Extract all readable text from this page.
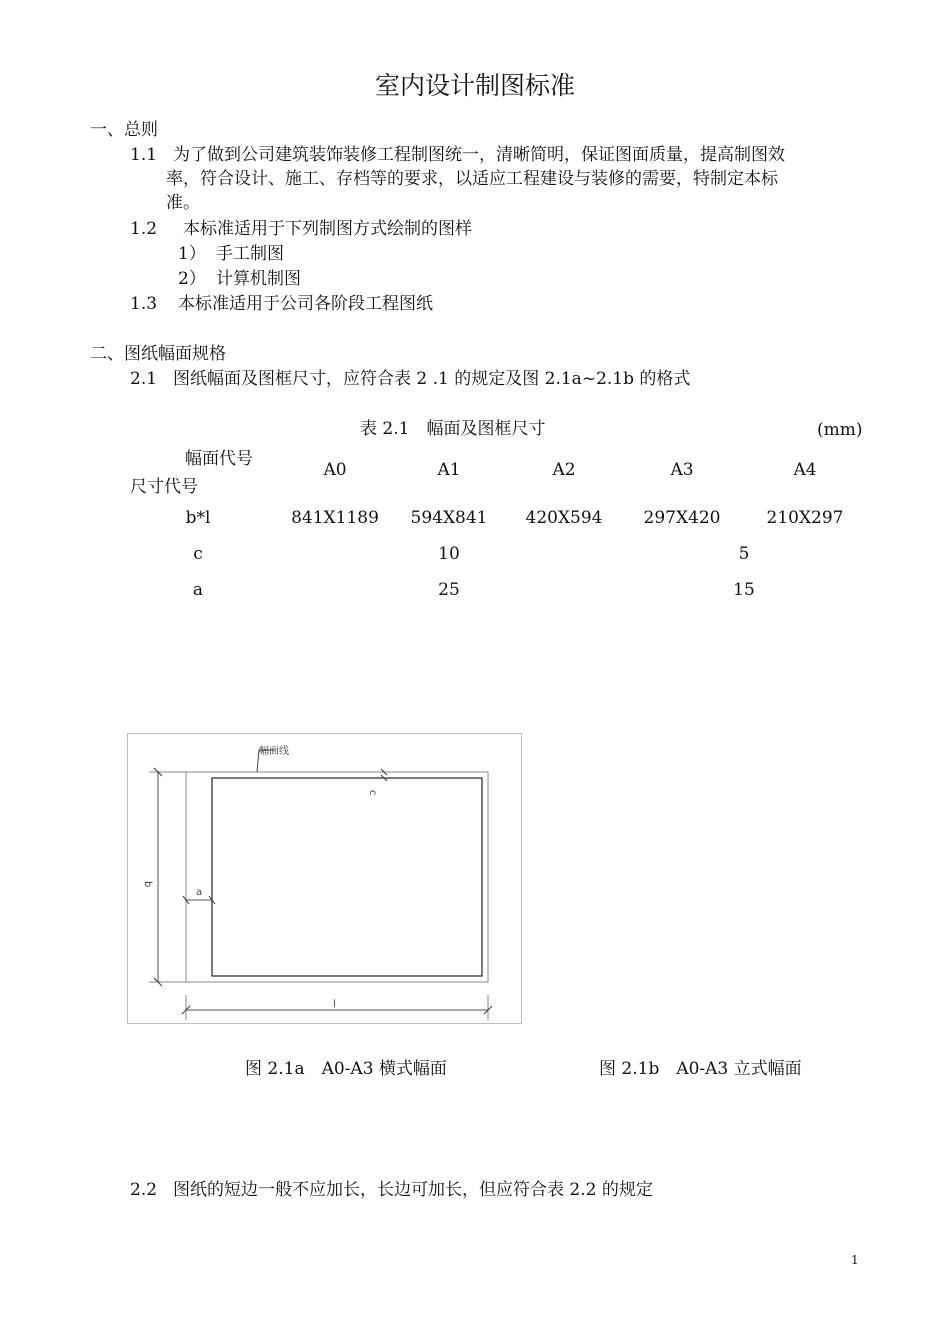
室内设计制图标准
一、总则
1.1 为了做到公司建筑装饰装修工程制图统一，清晰简明，保证图面质量，提高制图效
率，符合设计、施工、存档等的要求，以适应工程建设与装修的需要，特制定本标
准。
1.2 本标准适用于下列制图方式绘制的图样
1） 手工制图
2） 计算机制图
1.3 本标准适用于公司各阶段工程图纸
二、图纸幅面规格
2.1 图纸幅面及图框尺寸，应符合表 2 .1 的规定及图 2.1a~2.1b 的格式
表 2.1　幅面及图框尺寸	(mm)
幅面代号
尺寸代号
A0	A1	A2	A3	A4
b*l	841X1189	594X841	420X594	297X420	210X297
c	10	5
a	25	15
幅面线
c
a
b
l
图 2.1a　A0-A3 横式幅面	图 2.1b　A0-A3 立式幅面
2.2 图纸的短边一般不应加长，长边可加长，但应符合表 2.2 的规定
1
